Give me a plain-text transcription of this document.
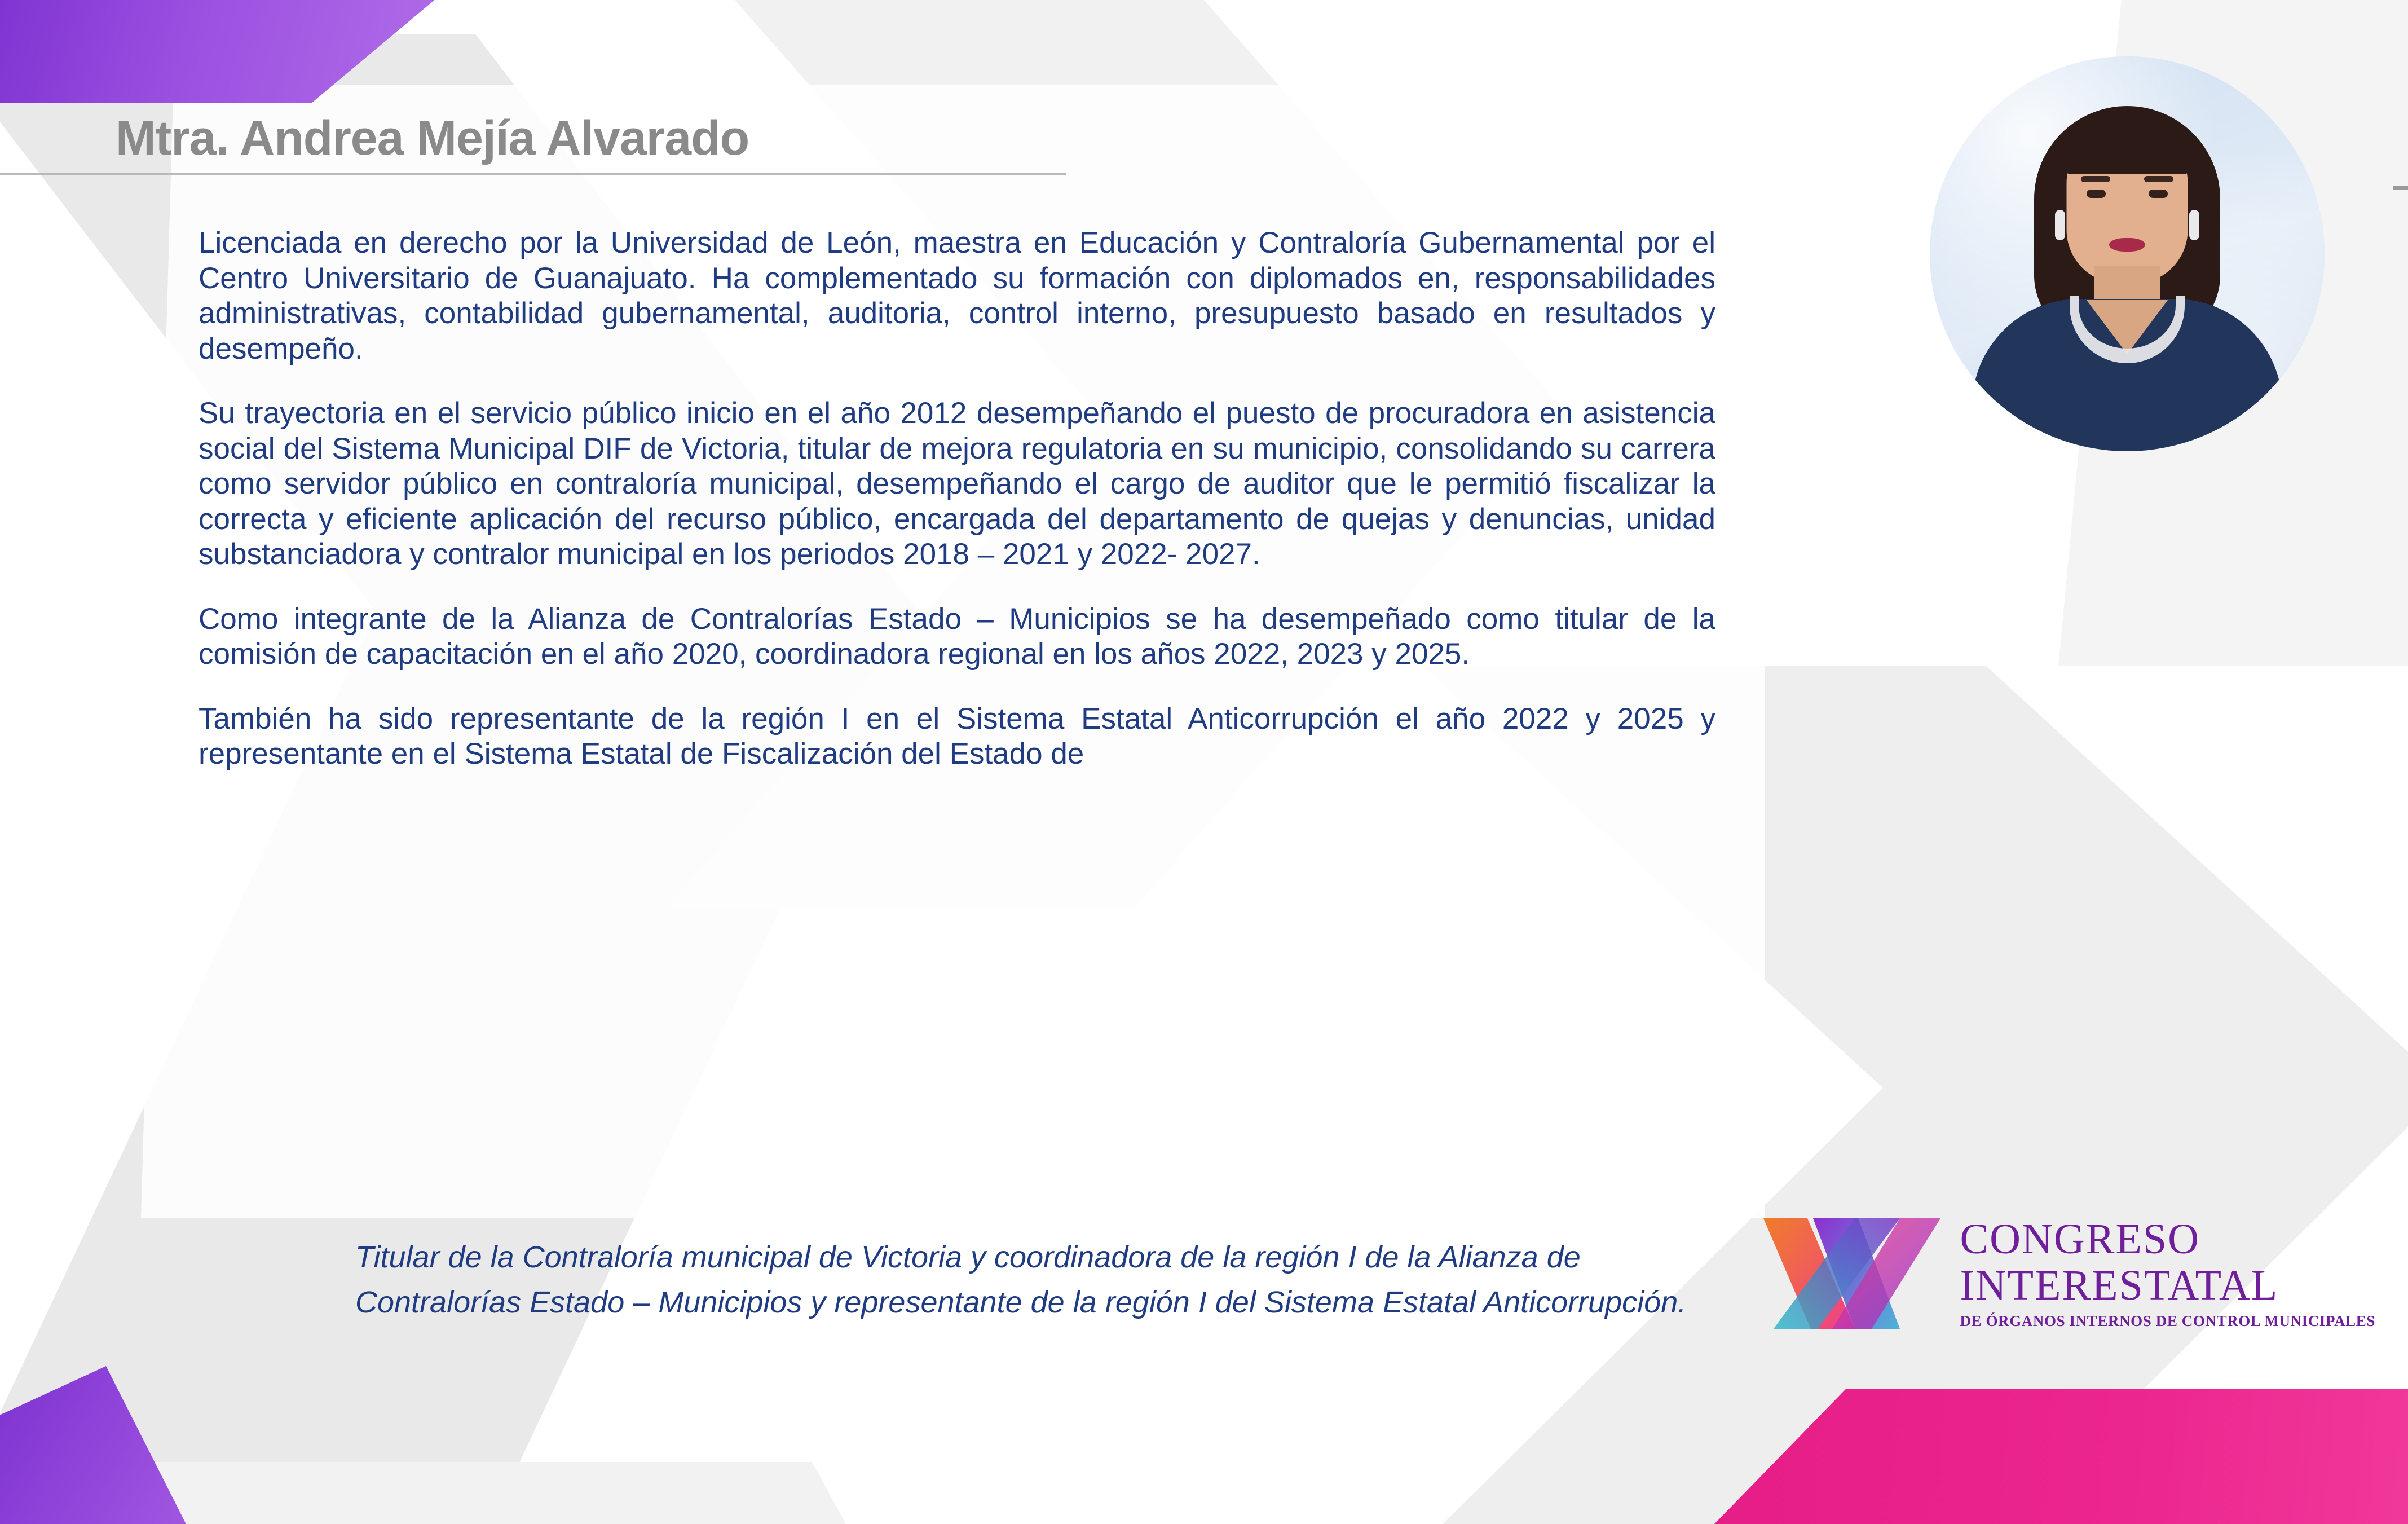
Mtra. Andrea Mejía Alvarado

Licenciada en derecho por la Universidad de León, maestra en Educación y Contraloría Gubernamental por el Centro Universitario de Guanajuato. Ha complementado su formación con diplomados en, responsabilidades administrativas, contabilidad gubernamental, auditoria, control interno, presupuesto basado en resultados y desempeño.

Su trayectoria en el servicio público inicio en el año 2012 desempeñando el puesto de procuradora en asistencia social del Sistema Municipal DIF de Victoria, titular de mejora regulatoria en su municipio, consolidando su carrera como servidor público en contraloría municipal, desempeñando el cargo de auditor que le permitió fiscalizar la correcta y eficiente aplicación del recurso público, encargada del departamento de quejas y denuncias, unidad substanciadora y contralor municipal en los periodos 2018 – 2021 y 2022- 2027.

Como integrante de la Alianza de Contralorías Estado – Municipios se ha desempeñado como titular de la comisión de capacitación en el año 2020, coordinadora regional en los años 2022, 2023 y 2025.

También ha sido representante de la región I en el Sistema Estatal Anticorrupción el año 2022 y 2025 y representante en el Sistema Estatal de Fiscalización del Estado de

Titular de la Contraloría municipal de Victoria y coordinadora de la región I de la Alianza de Contralorías Estado – Municipios y representante de la región I del Sistema Estatal Anticorrupción.
CONGRESO
INTERESTATAL
DE ÓRGANOS INTERNOS DE CONTROL MUNICIPALES
